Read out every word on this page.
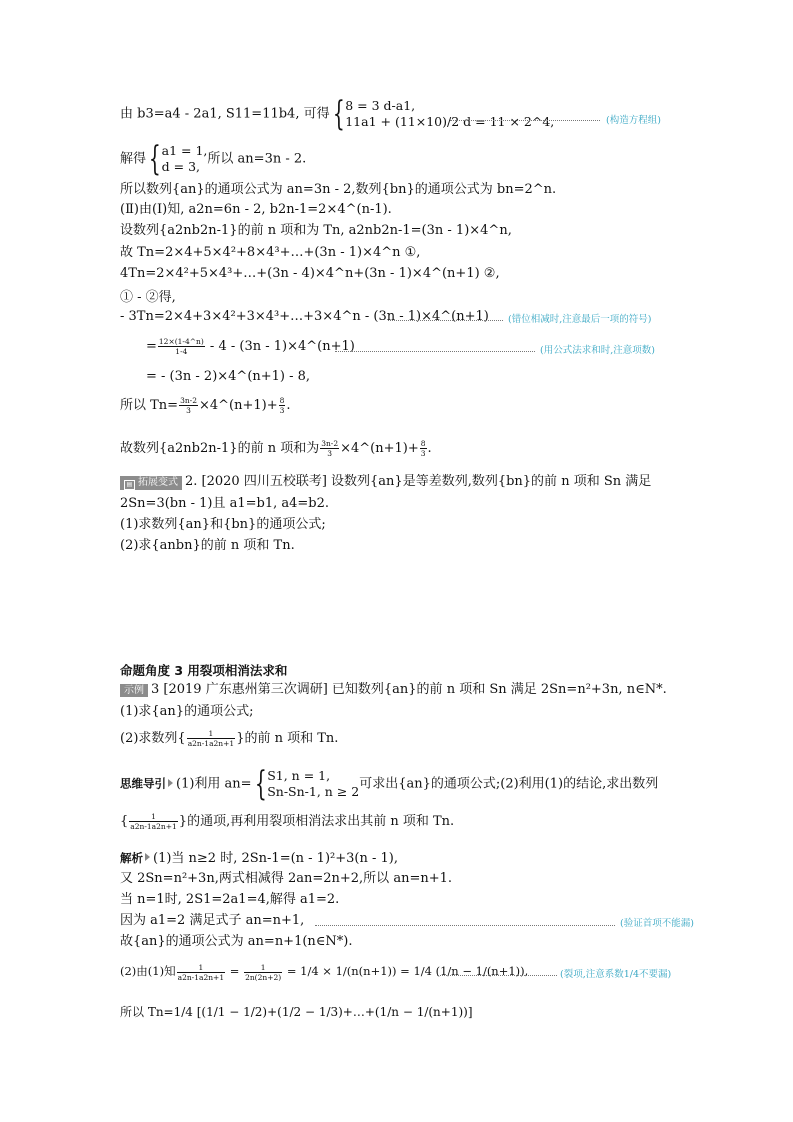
由 b3=a4 - 2a1, S11=11b4, 可得{ 8 = 3 d-a1,
11a1 + (11×10)/2 d = 11 × 2^4,	(构造方程组)
解得{ a1 = 1,
d = 3, 所以 an=3n - 2.
所以数列{an}的通项公式为 an=3n - 2,数列{bn}的通项公式为 bn=2^n.
(Ⅱ)由(Ⅰ)知, a2n=6n - 2, b2n-1=2×4^(n-1).
设数列{a2nb2n-1}的前 n 项和为 Tn, a2nb2n-1=(3n - 1)×4^n,
故 Tn=2×4+5×4²+8×4³+…+(3n - 1)×4^n ①,
4Tn=2×4²+5×4³+…+(3n - 4)×4^n+(3n - 1)×4^(n+1) ②,
① - ②得,
- 3Tn=2×4+3×4²+3×4³+…+3×4^n - (3n - 1)×4^(n+1) (错位相减时,注意最后一项的符号)
= $\frac{12\times(1-4\^{}n)}{1-4} - 4 - (3n$ - 1)×4^(n+1)	(用公式法求和时,注意项数)
= - (3n - 2)×4^(n+1) - 8,
所以 $Tn= \frac{3n-2}{3}$ ×4^(n+1)+ $\frac{8}{3}$ .
故数列{a2nb2n-1}的前 n 项和为 $\frac{3n-2}{3}$ ×4^(n+1)+ $\frac{8}{3}$ .
▤ 拓展变式 2. [2020 四川五校联考] 设数列{an}是等差数列,数列{bn}的前 n 项和 Sn 满足
2Sn=3(bn - 1)且 a1=b1, a4=b2.
(1)求数列{an}和{bn}的通项公式;
(2)求{anbn}的前 n 项和 Tn.
命题角度 3 用裂项相消法求和
示例 3 [2019 广东惠州第三次调研] 已知数列{an}的前 n 项和 Sn 满足 2Sn=n²+3n, n∈N*.
(1)求{an}的通项公式;
(2)求数列{ $\frac{1}{a2n-1a2n+1}$ }的前 n 项和 Tn.
思维导引 (1)利用 an={ S1, n = 1,
Sn-Sn-1, n ≥ 2 可求出{an}的通项公式;(2)利用(1)的结论,求出数列
{ $\frac{1}{a2n-1a2n+1}$ }的通项,再利用裂项相消法求出其前 n 项和 Tn.
解析 (1)当 n≥2 时, 2Sn-1=(n - 1)²+3(n - 1),
又 2Sn=n²+3n,两式相减得 2an=2n+2,所以 an=n+1.
当 n=1时, 2S1=2a1=4,解得 a1=2.
因为 a1=2 满足式子 an=n+1,	(验证首项不能漏)
故{an}的通项公式为 an=n+1(n∈N*).
(2)由(1)知 $\frac{1}{a2n-1a2n+1} = \frac{1}{2n(2n+2)} = 1/4 \times 1/(n(n+1)) = 1/4$ (1/n − 1/(n+1)),	(裂项,注意系数1/4不要漏)
所以 Tn=1/4 [(1/1 − 1/2)+(1/2 − 1/3)+…+(1/n − 1/(n+1))]
